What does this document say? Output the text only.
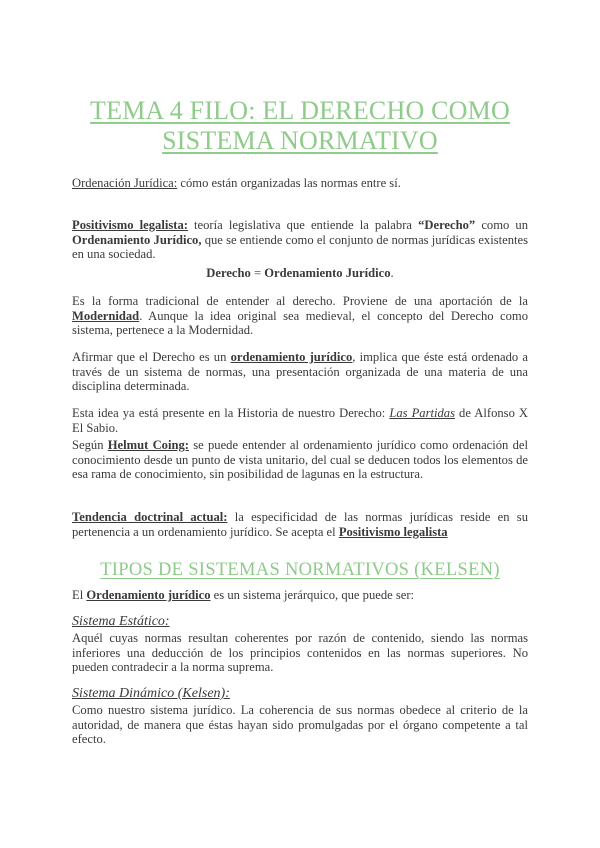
TEMA 4 FILO: EL DERECHO COMO
SISTEMA NORMATIVO
Ordenación Jurídica: cómo están organizadas las normas entre sí.
Positivismo legalista: teoría legislativa que entiende la palabra “Derecho” como un Ordenamiento Jurídico, que se entiende como el conjunto de normas jurídicas existentes en una sociedad.
Derecho = Ordenamiento Jurídico.
Es la forma tradicional de entender al derecho. Proviene de una aportación de la Modernidad. Aunque la idea original sea medieval, el concepto del Derecho como sistema, pertenece a la Modernidad.
Afirmar que el Derecho es un ordenamiento jurídico, implica que éste está ordenado a través de un sistema de normas, una presentación organizada de una materia de una disciplina determinada.
Esta idea ya está presente en la Historia de nuestro Derecho: Las Partidas de Alfonso X El Sabio.
Según Helmut Coing: se puede entender al ordenamiento jurídico como ordenación del conocimiento desde un punto de vista unitario, del cual se deducen todos los elementos de esa rama de conocimiento, sin posibilidad de lagunas en la estructura.
Tendencia doctrinal actual: la especificidad de las normas jurídicas reside en su pertenencia a un ordenamiento jurídico. Se acepta el Positivismo legalista
TIPOS DE SISTEMAS NORMATIVOS (KELSEN)
El Ordenamiento jurídico es un sistema jerárquico, que puede ser:
Sistema Estático:
Aquél cuyas normas resultan coherentes por razón de contenido, siendo las normas inferiores una deducción de los principios contenidos en las normas superiores. No pueden contradecir a la norma suprema.
Sistema Dinámico (Kelsen):
Como nuestro sistema jurídico. La coherencia de sus normas obedece al criterio de la autoridad, de manera que éstas hayan sido promulgadas por el órgano competente a tal efecto.
